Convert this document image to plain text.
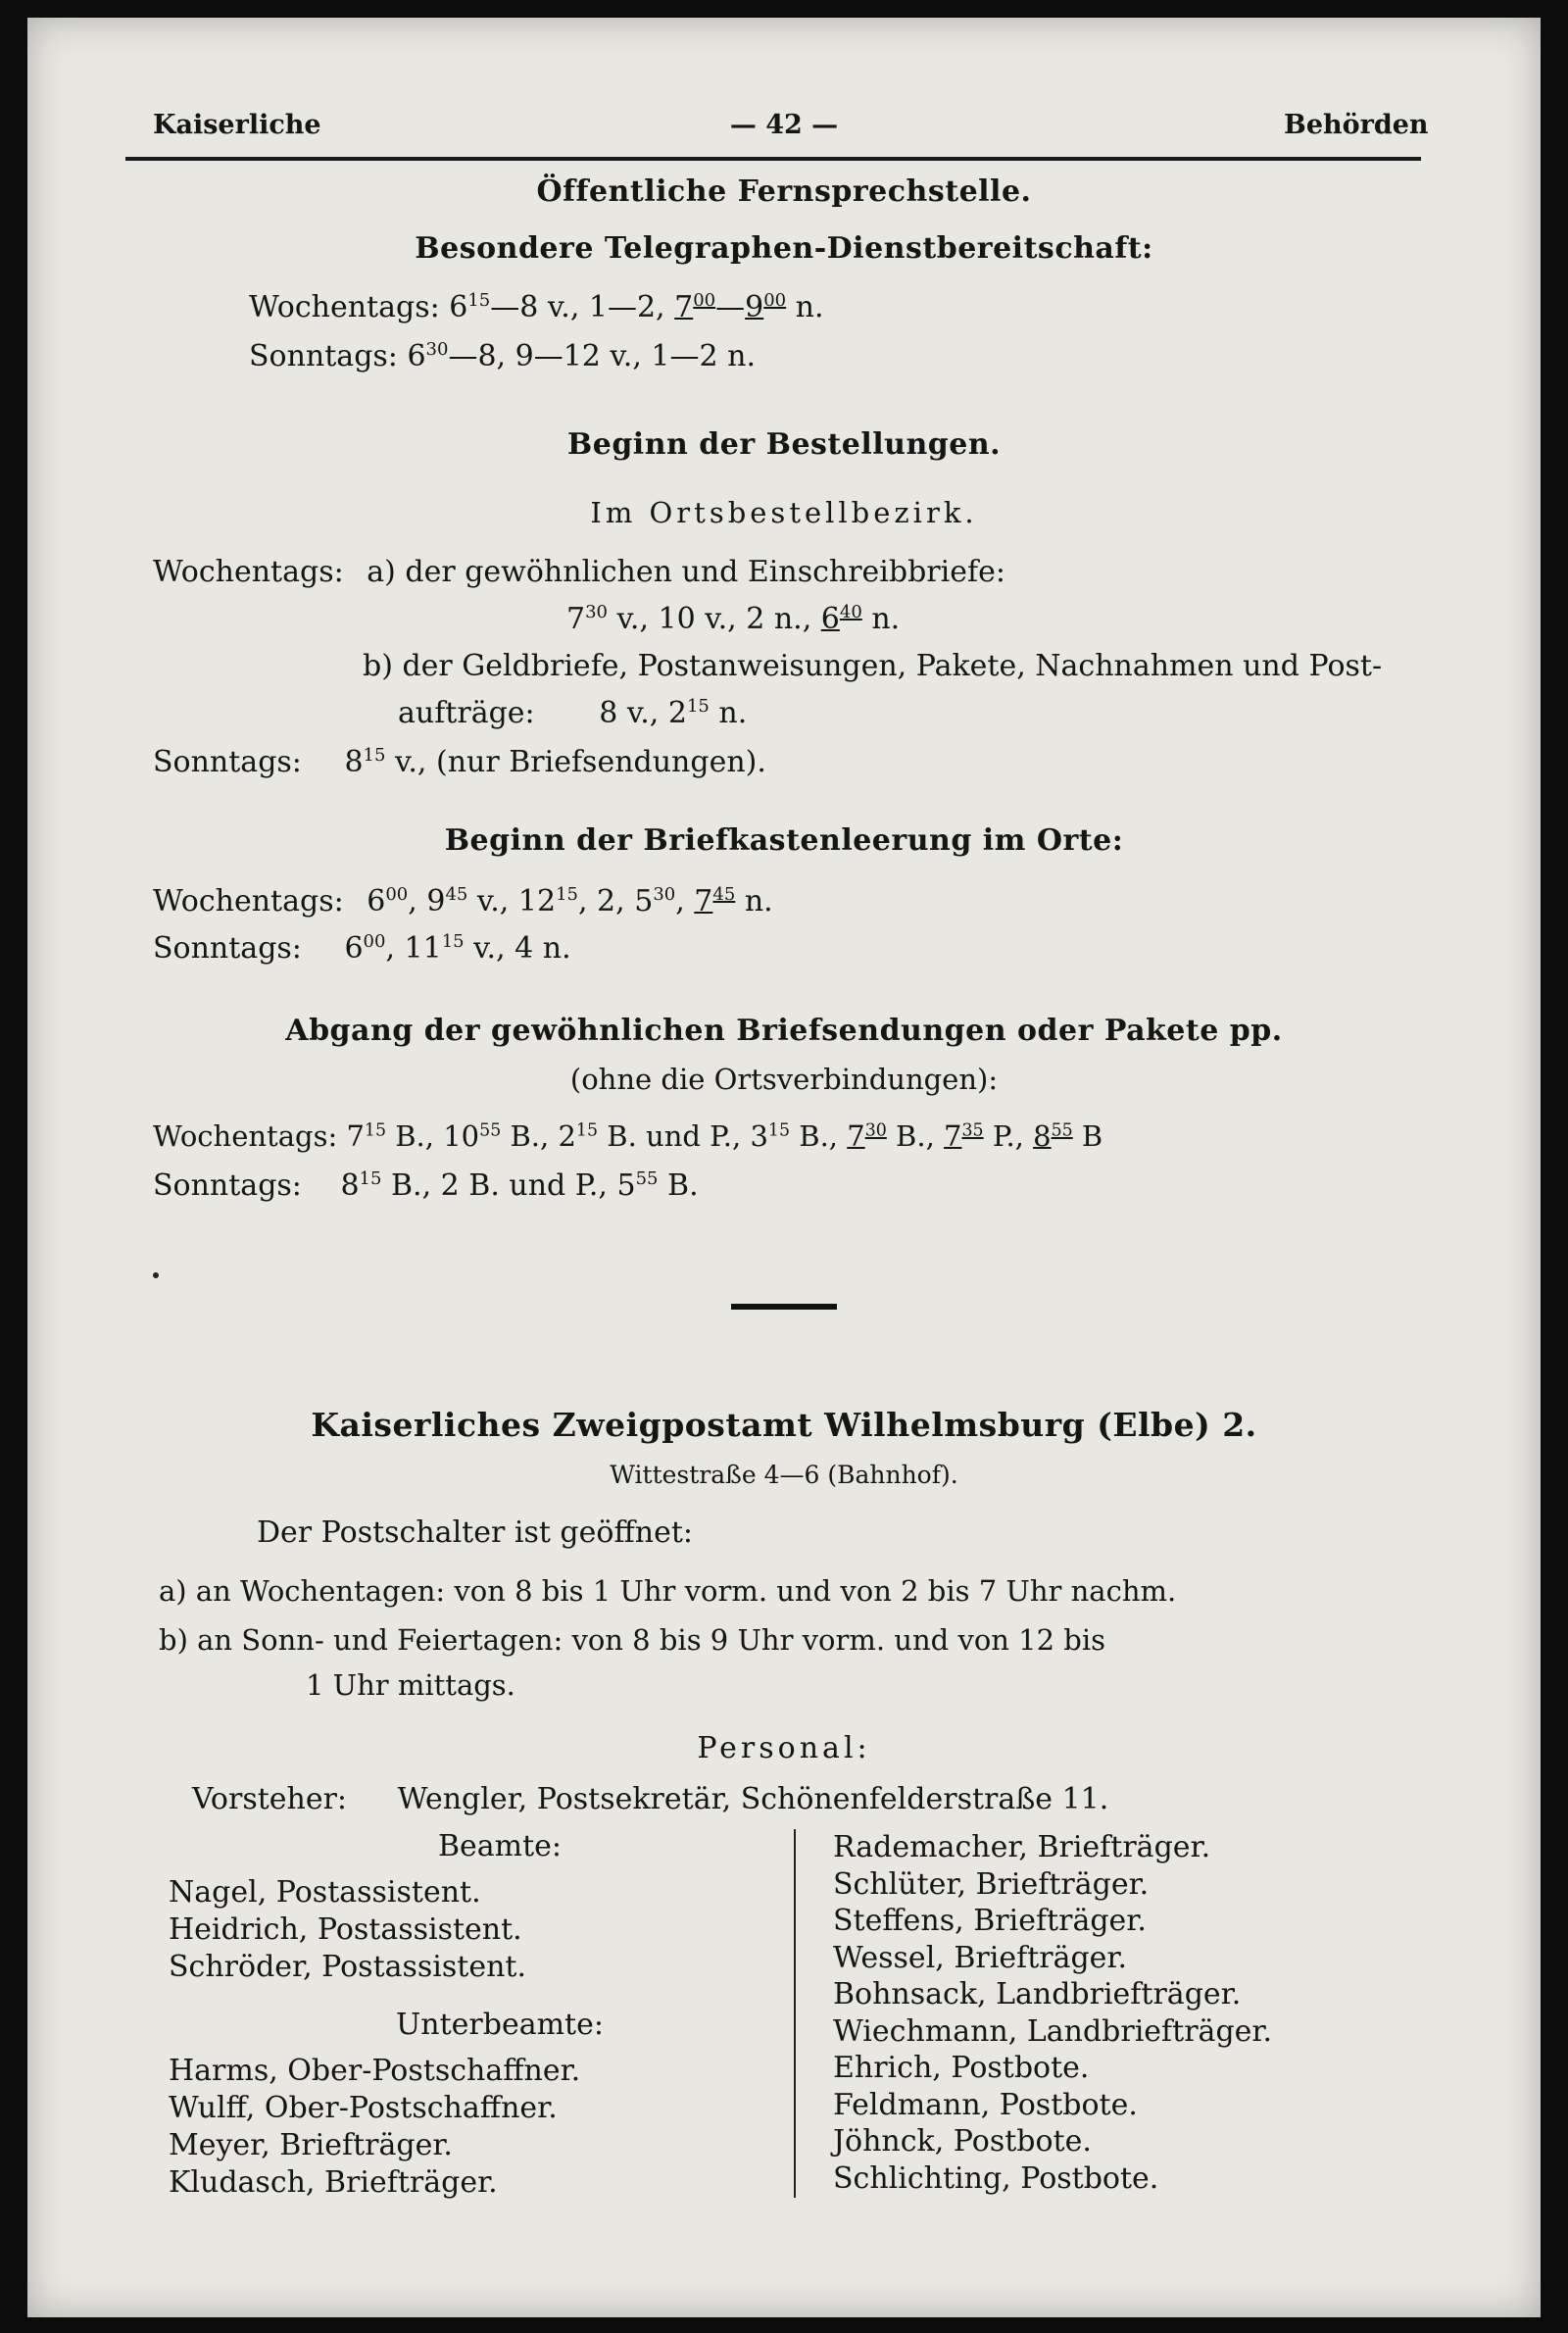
Kaiserliche	— 42 —	Behörden
Öffentliche Fernsprechstelle.
Besondere Telegraphen-Dienstbereitschaft:
Wochentags: $6^{15}—8$ v., 1—2, $7^{00}—9^{00}$ n.
Sonntags: $6^{30}—8$, 9—12 v., 1—2 n.
Beginn der Bestellungen.
Im Ortsbestellbezirk.
Wochentags: a) der gewöhnlichen und Einschreibbriefe:
$7^{30}$ v., 10 v., 2 n., $6^{40}$ n.
b) der Geldbriefe, Postanweisungen, Pakete, Nachnahmen und Post-
aufträge: 8 v., $2^{15}$ n.
Sonntags: $8^{15}$ v., (nur Briefsendungen).
Beginn der Briefkastenleerung im Orte:
Wochentags: $6^{00}$, $9^{45}$ v., $12^{15}$, 2, $5^{30}$, $7^{45}$ n.
Sonntags: $6^{00}$, $11^{15}$ v., 4 n.
Abgang der gewöhnlichen Briefsendungen oder Pakete pp.
(ohne die Ortsverbindungen):
Wochentags: $7^{15}$ B., $10^{55}$ B., $2^{15}$ B. und P., $3^{15}$ B., $7^{30}$ B., $7^{35}$ P., $8^{55}$ B
Sonntags: $8^{15}$ B., 2 B. und P., $5^{55}$ B.
Kaiserliches Zweigpostamt Wilhelmsburg (Elbe) 2.
Wittestraße 4—6 (Bahnhof).
Der Postschalter ist geöffnet:
a) an Wochentagen: von 8 bis 1 Uhr vorm. und von 2 bis 7 Uhr nachm.
b) an Sonn- und Feiertagen: von 8 bis 9 Uhr vorm. und von 12 bis
1 Uhr mittags.
Personal:
Vorsteher: Wengler, Postsekretär, Schönenfelderstraße 11.
Beamte:
Nagel, Postassistent.
Heidrich, Postassistent.
Schröder, Postassistent.
Unterbeamte:
Harms, Ober-Postschaffner.
Wulff, Ober-Postschaffner.
Meyer, Briefträger.
Kludasch, Briefträger.
Rademacher, Briefträger.
Schlüter, Briefträger.
Steffens, Briefträger.
Wessel, Briefträger.
Bohnsack, Landbriefträger.
Wiechmann, Landbriefträger.
Ehrich, Postbote.
Feldmann, Postbote.
Jöhnck, Postbote.
Schlichting, Postbote.
